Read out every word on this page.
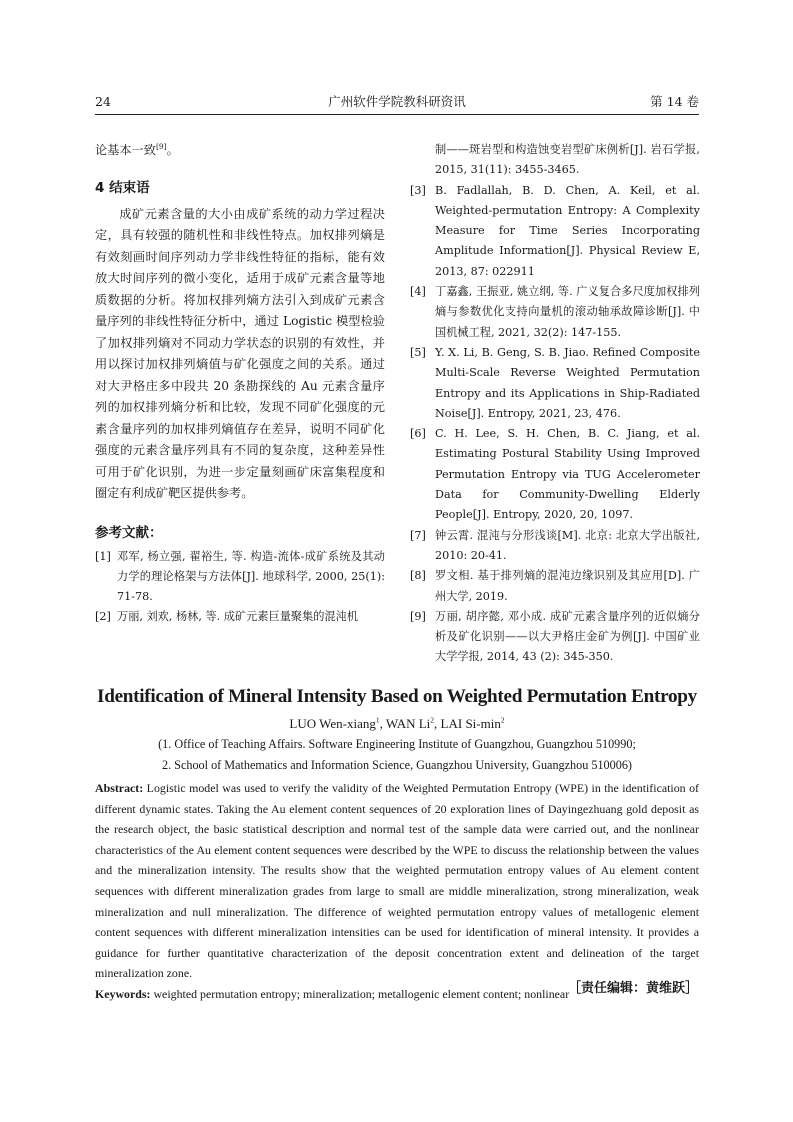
24	广州软件学院教科研资讯	第 14 卷
论基本一致[9]。
4 结束语
成矿元素含量的大小由成矿系统的动力学过程决定，具有较强的随机性和非线性特点。加权排列熵是有效刻画时间序列动力学非线性特征的指标，能有效放大时间序列的微小变化，适用于成矿元素含量等地质数据的分析。将加权排列熵方法引入到成矿元素含量序列的非线性特征分析中，通过 Logistic 模型检验了加权排列熵对不同动力学状态的识别的有效性，并用以探讨加权排列熵值与矿化强度之间的关系。通过对大尹格庄多中段共 20 条勘探线的 Au 元素含量序列的加权排列熵分析和比较，发现不同矿化强度的元素含量序列的加权排列熵值存在差异，说明不同矿化强度的元素含量序列具有不同的复杂度，这种差异性可用于矿化识别，为进一步定量刻画矿床富集程度和圈定有利成矿靶区提供参考。
参考文献：
[1] 邓军, 杨立强, 翟裕生, 等. 构造-流体-成矿系统及其动力学的理论格架与方法体[J]. 地球科学, 2000, 25(1): 71-78.
[2] 万丽, 刘欢, 杨林, 等. 成矿元素巨量聚集的混沌机
制——斑岩型和构造蚀变岩型矿床例析[J]. 岩石学报, 2015, 31(11): 3455-3465.
[3] B. Fadlallah, B. D. Chen, A. Keil, et al. Weighted-permutation Entropy: A Complexity Measure for Time Series Incorporating Amplitude Information[J]. Physical Review E, 2013, 87: 022911
[4] 丁嘉鑫, 王振亚, 姚立纲, 等. 广义复合多尺度加权排列熵与参数优化支持向量机的滚动轴承故障诊断[J]. 中国机械工程, 2021, 32(2): 147-155.
[5] Y. X. Li, B. Geng, S. B. Jiao. Refined Composite Multi-Scale Reverse Weighted Permutation Entropy and its Applications in Ship-Radiated Noise[J]. Entropy, 2021, 23, 476.
[6] C. H. Lee, S. H. Chen, B. C. Jiang, et al. Estimating Postural Stability Using Improved Permutation Entropy via TUG Accelerometer Data for Community-Dwelling Elderly People[J]. Entropy, 2020, 20, 1097.
[7] 钟云霄. 混沌与分形浅谈[M]. 北京: 北京大学出版社, 2010: 20-41.
[8] 罗文相. 基于排列熵的混沌边缘识别及其应用[D]. 广州大学, 2019.
[9] 万丽, 胡序懿, 邓小成. 成矿元素含量序列的近似熵分析及矿化识别——以大尹格庄金矿为例[J]. 中国矿业大学学报, 2014, 43 (2): 345-350.
Identification of Mineral Intensity Based on Weighted Permutation Entropy
LUO Wen-xiang$^1$, WAN Li$^2$, LAI $Si-\min^2$
(1. Office of Teaching Affairs. Software Engineering Institute of Guangzhou, Guangzhou 510990;
2. School of Mathematics and Information Science, Guangzhou University, Guangzhou 510006)
Abstract: Logistic model was used to verify the validity of the Weighted Permutation Entropy (WPE) in the identification of different dynamic states. Taking the Au element content sequences of 20 exploration lines of Dayingezhuang gold deposit as the research object, the basic statistical description and normal test of the sample data were carried out, and the nonlinear characteristics of the Au element content sequences were described by the WPE to discuss the relationship between the values and the mineralization intensity. The results show that the weighted permutation entropy values of Au element content sequences with different mineralization grades from large to small are middle mineralization, strong mineralization, weak mineralization and null mineralization. The difference of weighted permutation entropy values of metallogenic element content sequences with different mineralization intensities can be used for identification of mineral intensity. It provides a guidance for further quantitative characterization of the deposit concentration extent and delineation of the target mineralization zone.
Keywords: weighted permutation entropy; mineralization; metallogenic element content; nonlinear
［责任编辑：黄维跃］
